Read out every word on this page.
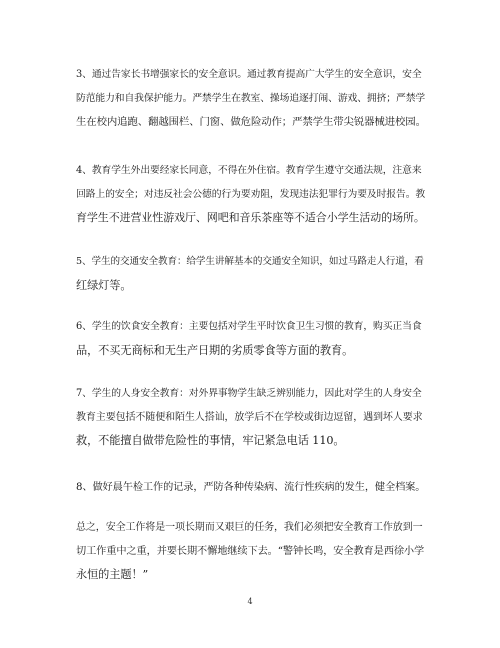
3、通过告家长书增强家长的安全意识。通过教育提高广大学生的安全意识，安全
防范能力和自我保护能力。严禁学生在教室、操场追逐打闹、游戏、拥挤；严禁学
生在校内追跑、翻越围栏、门窗、做危险动作；严禁学生带尖锐器械进校园。
4、教育学生外出要经家长同意，不得在外住宿。教育学生遵守交通法规，注意来
回路上的安全；对违反社会公德的行为要劝阻，发现违法犯罪行为要及时报告。教
育学生不进营业性游戏厅、网吧和音乐茶座等不适合小学生活动的场所。
5、学生的交通安全教育：给学生讲解基本的交通安全知识，如过马路走人行道，看
红绿灯等。
6、学生的饮食安全教育：主要包括对学生平时饮食卫生习惯的教育，购买正当食
品，不买无商标和无生产日期的劣质零食等方面的教育。
7、学生的人身安全教育：对外界事物学生缺乏辨别能力，因此对学生的人身安全
教育主要包括不随便和陌生人搭讪，放学后不在学校或街边逗留，遇到坏人要求
救，不能擅自做带危险性的事情，牢记紧急电话 110。
8、做好晨午检工作的记录，严防各种传染病、流行性疾病的发生，健全档案。
总之，安全工作将是一项长期而又艰巨的任务，我们必须把安全教育工作放到一
切工作重中之重，并要长期不懈地继续下去。“警钟长鸣，安全教育是西徐小学
永恒的主题！”
4
